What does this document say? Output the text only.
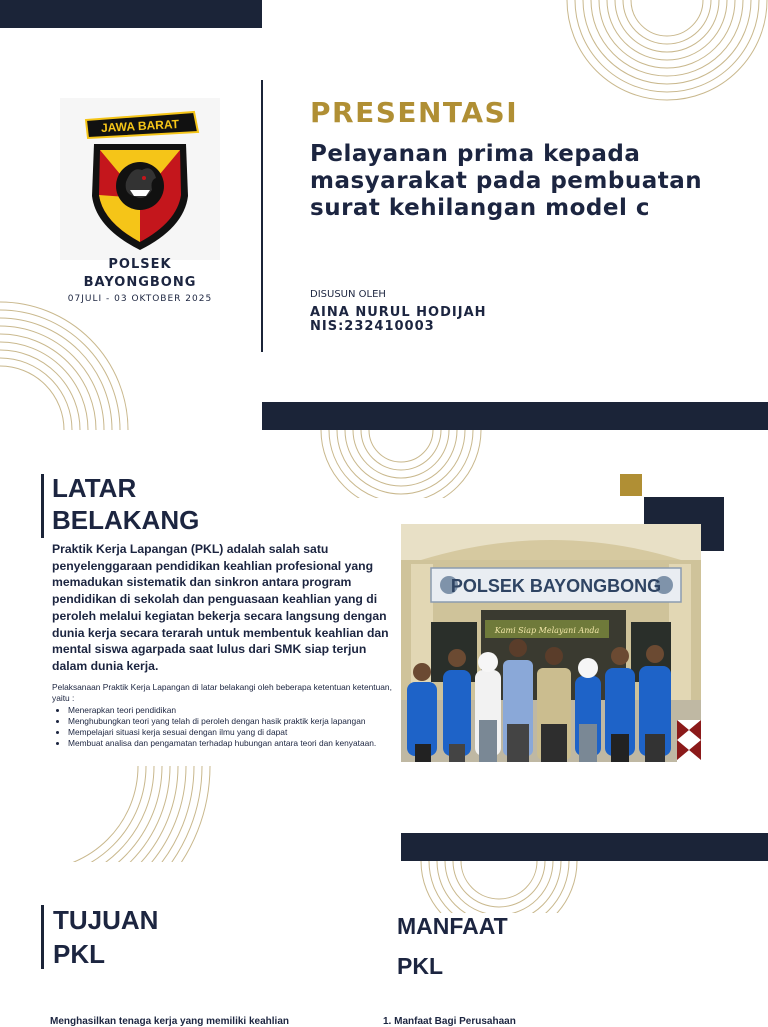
JAWA BARAT
POLSEK
BAYONGBONG
07JULI - 03 OKTOBER 2025
PRESENTASI
Pelayanan prima kepada masyarakat pada pembuatan surat kehilangan model c
DISUSUN OLEH
AINA NURUL HODIJAH
NIS:232410003
LATAR
BELAKANG
Praktik Kerja Lapangan (PKL) adalah salah satu penyelenggaraan pendidikan keahlian profesional yang memadukan sistematik dan sinkron antara program pendidikan di sekolah dan penguasaan keahlian yang di peroleh melalui kegiatan bekerja secara langsung dengan dunia kerja secara terarah untuk membentuk keahlian dan mental siswa agarpada saat lulus dari SMK siap terjun dalam dunia kerja.
Pelaksanaan Praktik Kerja Lapangan di latar belakangi oleh beberapa ketentuan ketentuan, yaitu :
• Menerapkan teori pendidikan
• Menghubungkan teori yang telah di peroleh dengan hasik praktik kerja lapangan
• Mempelajari situasi kerja sesuai dengan ilmu yang di dapat
• Membuat analisa dan pengamatan terhadap hubungan antara teori dan kenyataan.
POLSEK BAYONGBONG
Kami Siap Melayani Anda
TUJUAN
PKL
MANFAAT
PKL
Menghasilkan tenaga kerja yang memiliki keahlian	1. Manfaat Bagi Perusahaan
